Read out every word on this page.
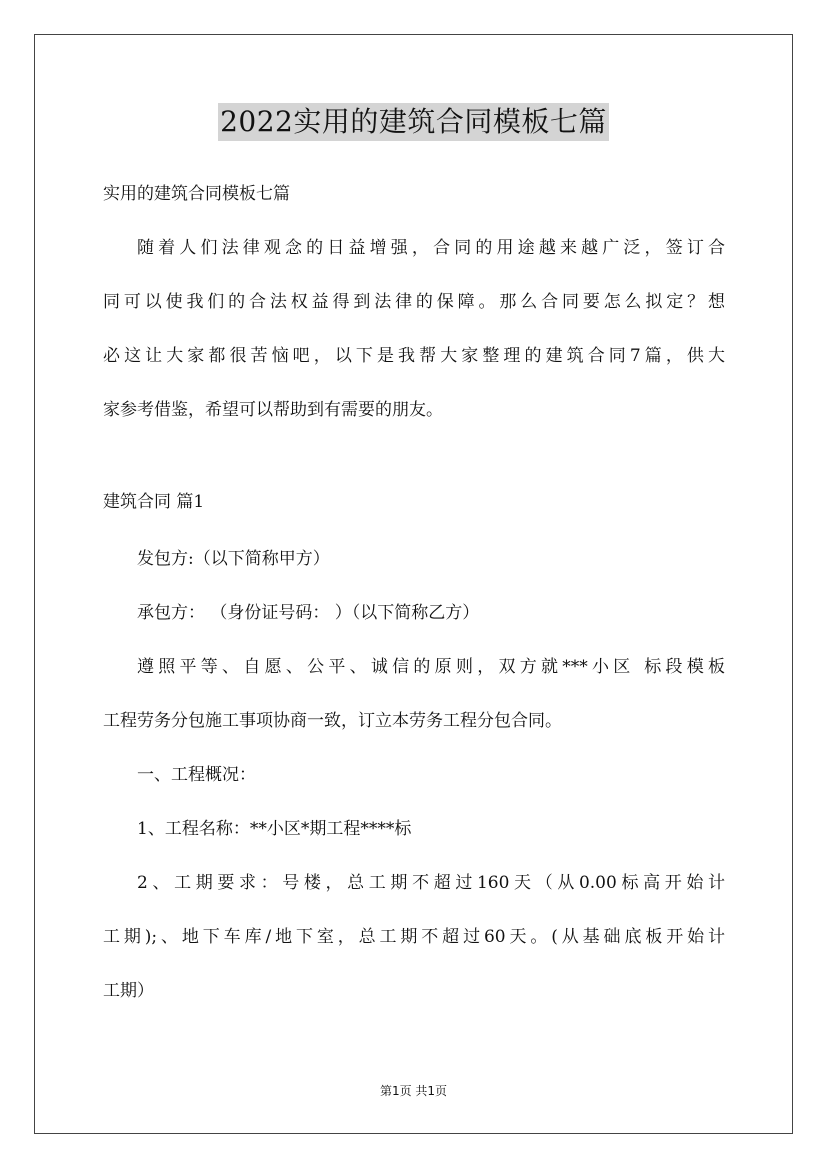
2022实用的建筑合同模板七篇
实用的建筑合同模板七篇
随着人们法律观念的日益增强，合同的用途越来越广泛，签订合
同可以使我们的合法权益得到法律的保障。那么合同要怎么拟定？想
必这让大家都很苦恼吧，以下是我帮大家整理的建筑合同7篇，供大
家参考借鉴，希望可以帮助到有需要的朋友。
建筑合同 篇1
发包方:（以下简称甲方）
承包方： （身份证号码： ）（以下简称乙方）
遵照平等、自愿、公平、诚信的原则，双方就***小区 标段模板
工程劳务分包施工事项协商一致，订立本劳务工程分包合同。
一、工程概况：
1、工程名称：**小区*期工程****标
2、工期要求：号楼，总工期不超过160天（从0.00标高开始计
工期);、地下车库/地下室，总工期不超过60天。(从基础底板开始计
工期）
第1页 共1页
